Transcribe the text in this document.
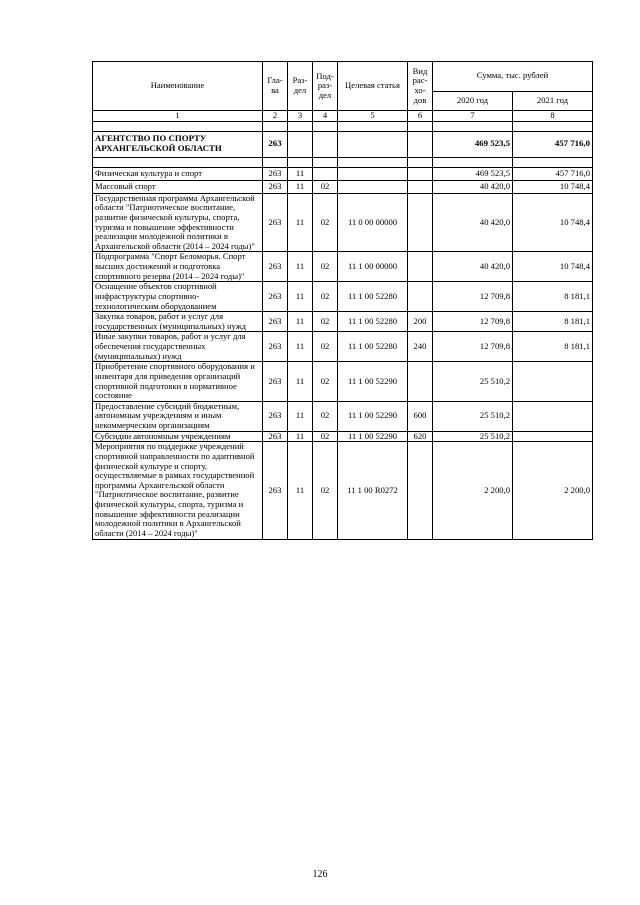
Наименование	Гла-ва	Раз-дел	Под-раз-дел	Целевая статья	Вид рас-хо-дов	Сумма, тыс. рублей	
						2020 год	2021 год
1	2	3	4	5	6	7	8

АГЕНТСТВО ПО СПОРТУ АРХАНГЕЛЬСКОЙ ОБЛАСТИ	263					469 523,5	457 716,0

Физическая культура и спорт	263	11				469 523,5	457 716,0
Массовый спорт	263	11	02			40 420,0	10 748,4
Государственная программа Архангельской области "Патриотическое воспитание, развитие физической культуры, спорта, туризма и повышение эффективности реализации молодежной политики в Архангельской области (2014 – 2024 годы)"	263	11	02	11 0 00 00000		40 420,0	10 748,4
Подпрограмма "Спорт Беломорья. Спорт высших достижений и подготовка спортивного резерва (2014 – 2024 годы)"	263	11	02	11 1 00 00000		40 420,0	10 748,4
Оснащение объектов спортивной инфраструктуры спортивно-технологическим оборудованием	263	11	02	11 1 00 52280		12 709,8	8 181,1
Закупка товаров, работ и услуг для государственных (муниципальных) нужд	263	11	02	11 1 00 52280	200	12 709,8	8 181,1
Иные закупки товаров, работ и услуг для обеспечения государственных (муниципальных) нужд	263	11	02	11 1 00 52280	240	12 709,8	8 181,1
Приобретение спортивного оборудования и инвентаря для приведения организаций спортивной подготовки в нормативное состояние	263	11	02	11 1 00 52290		25 510,2	
Предоставление субсидий бюджетным, автономным учреждениям и иным некоммерческим организациям	263	11	02	11 1 00 52290	600	25 510,2	
Субсидии автономным учреждениям	263	11	02	11 1 00 52290	620	25 510,2	
Мероприятия по поддержке учреждений спортивной направленности по адаптивной физической культуре и спорту, осуществляемые в рамках государственной программы Архангельской области "Патриотическое воспитание, развитие физической культуры, спорта, туризма и повышение эффективности реализации молодежной политики в Архангельской области (2014 – 2024 годы)"	263	11	02	11 1 00 R0272		2 200,0	2 200,0
126
